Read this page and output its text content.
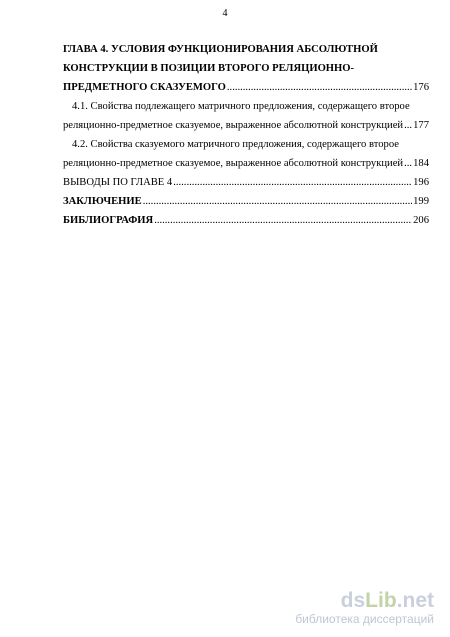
4
ГЛАВА 4. УСЛОВИЯ ФУНКЦИОНИРОВАНИЯ АБСОЛЮТНОЙ
КОНСТРУКЦИИ В ПОЗИЦИИ ВТОРОГО РЕЛЯЦИОННО-
ПРЕДМЕТНОГО СКАЗУЕМОГО .....	176
4.1. Свойства подлежащего матричного предложения, содержащего второе
реляционно-предметное сказуемое, выраженное абсолютной конструкцией ..... 177
4.2. Свойства сказуемого матричного предложения, содержащего второе
реляционно-предметное сказуемое, выраженное абсолютной конструкцией ..... 184
ВЫВОДЫ ПО ГЛАВЕ 4 .....	196
ЗАКЛЮЧЕНИЕ .....	199
БИБЛИОГРАФИЯ .....	206
ds Lib .net
библиотека диссертаций
